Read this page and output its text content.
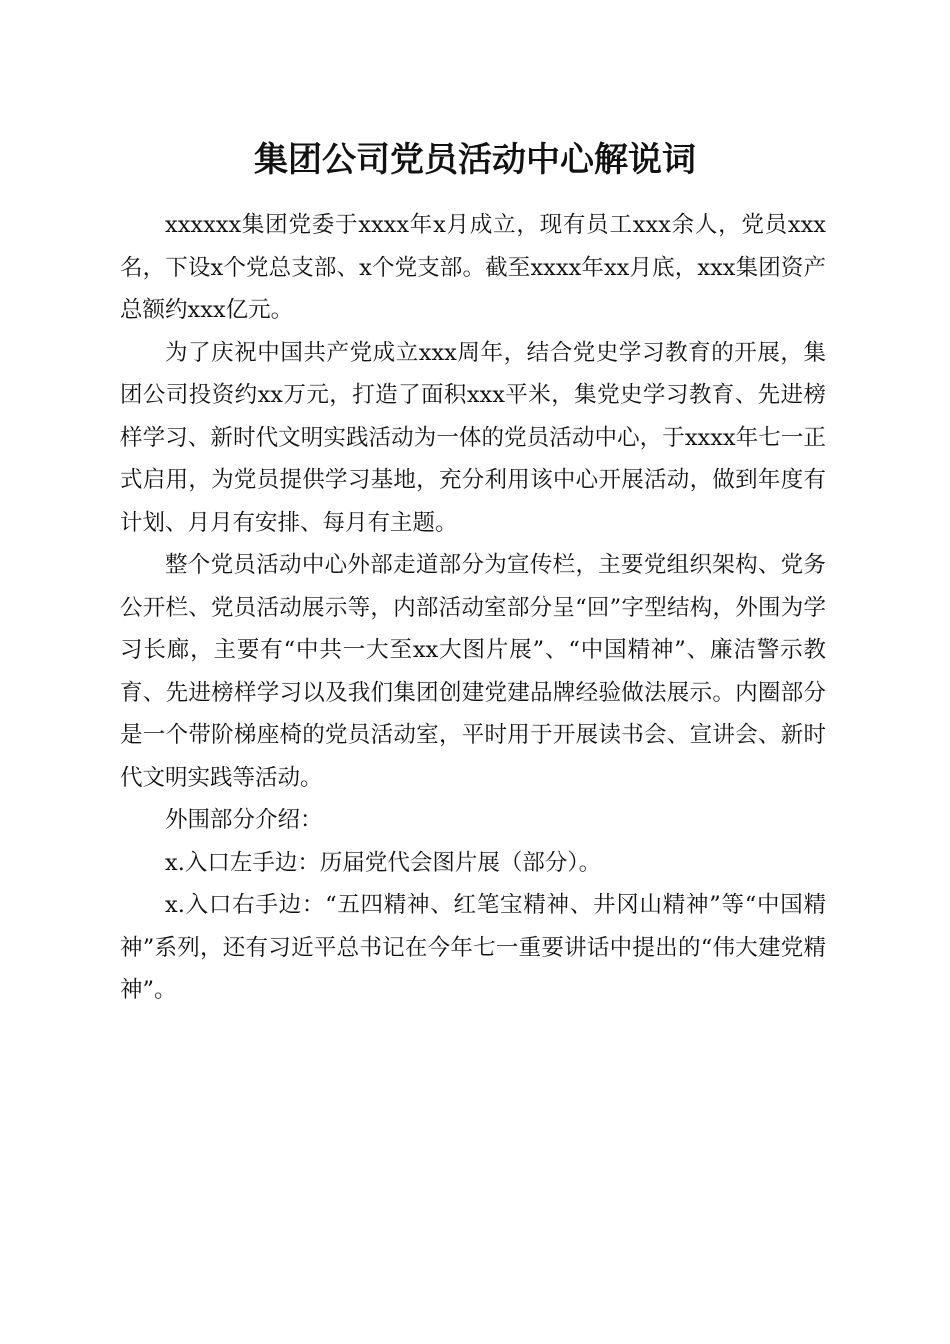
集团公司党员活动中心解说词

xxxxxx集团党委于xxxx年x月成立，现有员工xxx余人，党员xxx名，下设x个党总支部、x个党支部。截至xxxx年xx月底，xxx集团资产总额约xxx亿元。

为了庆祝中国共产党成立xxx周年，结合党史学习教育的开展，集团公司投资约xx万元，打造了面积xxx平米，集党史学习教育、先进榜样学习、新时代文明实践活动为一体的党员活动中心，于xxxx年七一正式启用，为党员提供学习基地，充分利用该中心开展活动，做到年度有计划、月月有安排、每月有主题。

整个党员活动中心外部走道部分为宣传栏，主要党组织架构、党务公开栏、党员活动展示等，内部活动室部分呈“回”字型结构，外围为学习长廊，主要有“中共一大至xx大图片展”、“中国精神”、廉洁警示教育、先进榜样学习以及我们集团创建党建品牌经验做法展示。内圈部分是一个带阶梯座椅的党员活动室，平时用于开展读书会、宣讲会、新时代文明实践等活动。

外围部分介绍：

x.入口左手边：历届党代会图片展（部分）。

x.入口右手边：“五四精神、红笔宝精神、井冈山精神”等“中国精神”系列，还有习近平总书记在今年七一重要讲话中提出的“伟大建党精神”。
